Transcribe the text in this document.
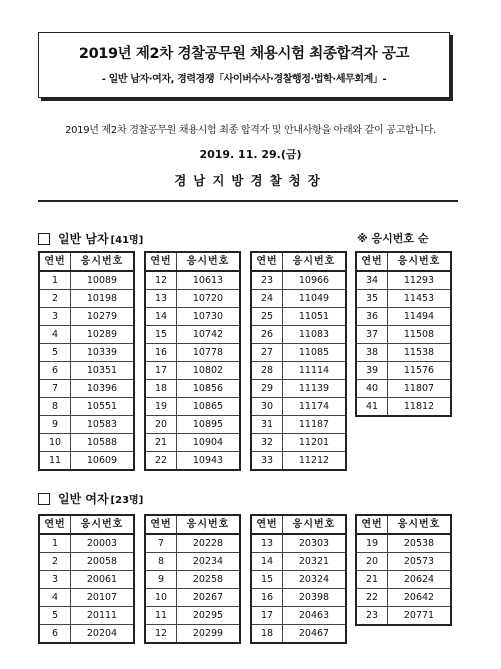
2019년 제2차 경찰공무원 채용시험 최종합격자 공고
- 일반 남자·여자, 경력경쟁「사이버수사·경찰행정·법학·세무회계」-
2019년 제2차 경찰공무원 채용시험 최종 합격자 및 안내사항을 아래와 같이 공고합니다.
2019. 11. 29.(금)
경남지방경찰청장
일반 남자 [41명]	※ 응시번호 순
연번	응시번호
1	10089
2	10198
3	10279
4	10289
5	10339
6	10351
7	10396
8	10551
9	10583
10	10588
11	10609
연번	응시번호
12	10613
13	10720
14	10730
15	10742
16	10778
17	10802
18	10856
19	10865
20	10895
21	10904
22	10943
연번	응시번호
23	10966
24	11049
25	11051
26	11083
27	11085
28	11114
29	11139
30	11174
31	11187
32	11201
33	11212
연번	응시번호
34	11293
35	11453
36	11494
37	11508
38	11538
39	11576
40	11807
41	11812
일반 여자 [23명]
연번	응시번호
1	20003
2	20058
3	20061
4	20107
5	20111
6	20204
연번	응시번호
7	20228
8	20234
9	20258
10	20267
11	20295
12	20299
연번	응시번호
13	20303
14	20321
15	20324
16	20398
17	20463
18	20467
연번	응시번호
19	20538
20	20573
21	20624
22	20642
23	20771
